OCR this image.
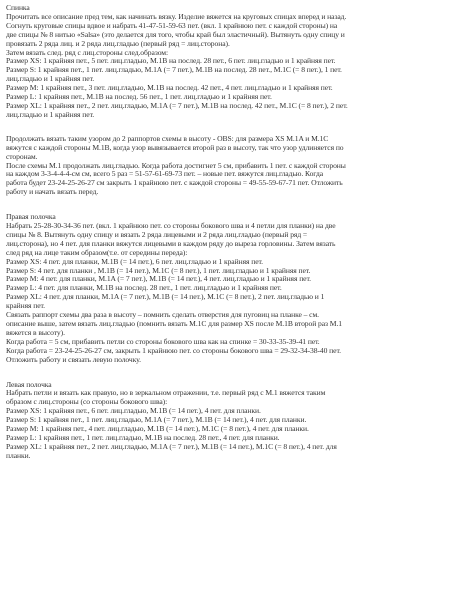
Спинка

Прочитать все описание пред тем, как начинать вязку. Изделие вяжется на круговых спицах вперед и назад.
Согнуть круговые спицы вдвое и набрать 41-47-51-59-63 пет. (вкл. 1 крайнюю пет. с каждой стороны) на
две спицы № 8 нитью «Salsa» (это делается для того, чтобы край был эластичный). Вытянуть одну спицу и
провязать 2 ряда лиц. и 2 ряда лиц.гладью (первый ряд = лиц.сторона).
Затем вязать след. ряд с лиц.стороны след.образом:
Размер XS: 1 крайняя пет., 5 пет. лиц.гладью, M.1B на послед. 28 пет., 6 пет. лиц.гладью и 1 крайняя пет.
Размер S: 1 крайняя пет., 1 пет. лиц.гладью, M.1A (= 7 пет.), M.1B на послед. 28 пет., M.1C (= 8 пет.), 1 пет.
лиц.гладью и 1 крайняя пет.
Размер M: 1 крайняя пет., 3 пет. лиц.гладью, M.1B на послед. 42 пет., 4 пет. лиц.гладью и 1 крайняя пет.
Размер L: 1 крайняя пет., M.1B на послед. 56 пет., 1 пет. лиц.гладью и 1 крайняя пет.
Размер XL: 1 крайняя пет., 2 пет. лиц.гладью, M.1A (= 7 пет.), M.1B на послед. 42 пет., M.1C (= 8 пет.), 2 пет.
лиц.гладью и 1 крайняя пет.
Продолжать вязать таким узором до 2 раппортов схемы в высоту - OBS: для размера XS M.1A и M.1C
вяжутся с каждой стороны M.1B, когда узор вывязывается второй раз в высоту, так что узор удлиняется по
сторонам.
После схемы M.1 продолжать лиц.гладью. Когда работа достигнет 5 см, прибавить 1 пет. с каждой стороны
на каждом 3-3-4-4-4-см см, всего 5 раз = 51-57-61-69-73 пет. – новые пет. вяжутся лиц.гладью. Когда
работа будет 23-24-25-26-27 см закрыть 1 крайнюю пет. с каждой стороны = 49-55-59-67-71 пет. Отложить
работу и начать вязать перед.

Правая полочка

Набрать 25-28-30-34-36 пет. (вкл. 1 крайнюю пет. со стороны бокового шва и 4 петли для планки) на две
спицы № 8. Вытянуть одну спицу и вязать 2 ряда лицевыми и 2 ряда лиц.гладью (первый ряд =
лиц.сторона), но 4 пет. для планки вяжутся лицевыми в каждом ряду до выреза горловины. Затем вязать
след ряд на лице таким образом(т.е. от середины переда):
Размер XS: 4 пет. для планки, M.1B (= 14 пет.), 6 пет. лиц.гладью и 1 крайняя пет.
Размер S: 4 пет. для планки , M.1B (= 14 пет.), M.1C (= 8 пет.), 1 пет. лиц.гладью и 1 крайняя пет.
Размер M: 4 пет. для планки, M.1A (= 7 пет.), M.1B (= 14 пет.), 4 пет. лиц.гладью и 1 крайняя пет.
Размер L: 4 пет. для планки, M.1B на послед. 28 пет., 1 пет. лиц.гладью и 1 крайняя пет.
Размер XL: 4 пет. для планки, M.1A (= 7 пет.), M.1B (= 14 пет.), M.1C (= 8 пет.), 2 пет. лиц.гладью и 1
крайняя пет.
Связать раппорт схемы два раза в высоту – помнить сделать отверстия для пуговиц на планке – см.
описание выше, затем вязать лиц.гладью (помнить вязать M.1C для размер XS после M.1B второй раз M.1
вяжется в высоту).
Когда работа = 5 см, прибавить петли со стороны бокового шва как на спинке = 30-33-35-39-41 пет.
Когда работа = 23-24-25-26-27 см, закрыть 1 крайнюю пет. со стороны бокового шва = 29-32-34-38-40 пет.
Отложить работу и связать левую полочку.

Левая полочка

Набрать петли и вязать как правую, но в зеркальном отражении, т.е. первый ряд с M.1 вяжется таким
образом с лиц.стороны (со стороны бокового шва):
Размер XS: 1 крайняя пет., 6 пет. лиц.гладью, M.1B (= 14 пет.), 4 пет. для планки.
Размер S: 1 крайняя пет., 1 пет. лиц.гладью, M.1A (= 7 пет.), M.1B (= 14 пет.), 4 пет. для планки.
Размер M: 1 крайняя пет., 4 пет. лиц.гладью, M.1B (= 14 пет.), M.1C (= 8 пет.), 4 пет. для планки.
Размер L: 1 крайняя пет., 1 пет. лиц.гладью, M.1B на послед. 28 пет., 4 пет. для планки.
Размер XL: 1 крайняя пет., 2 пет. лиц.гладью, M.1A (= 7 пет.), M.1B (= 14 пет.), M.1C (= 8 пет.), 4 пет. для
планки.
